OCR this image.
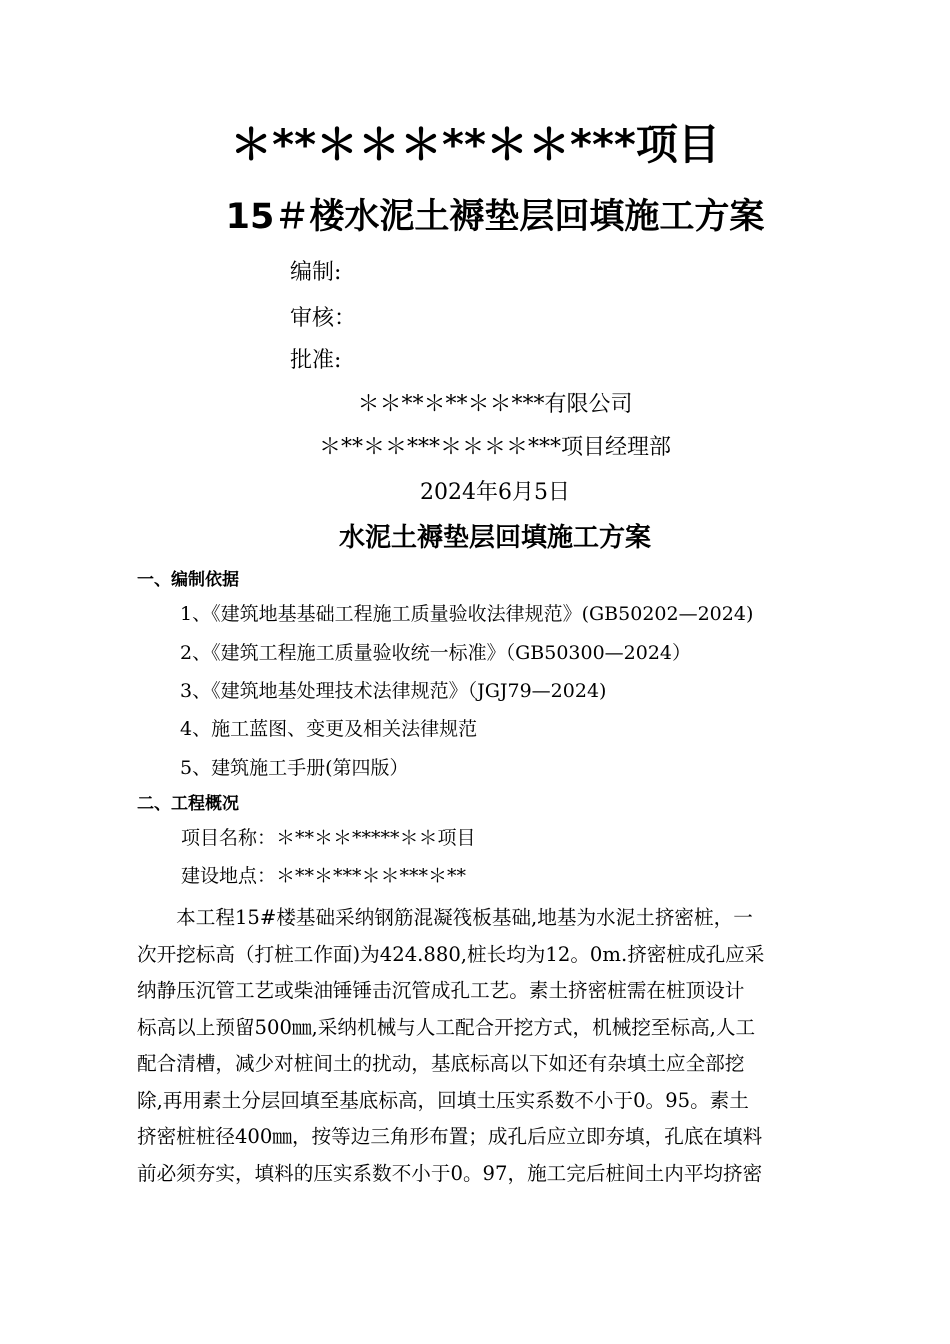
＊**＊＊＊**＊＊***项目
15＃楼水泥土褥垫层回填施工方案
编制:
审核：
批准:
＊＊**＊**＊＊***有限公司
＊**＊＊***＊＊＊＊***项目经理部
2024年6月5日
水泥土褥垫层回填施工方案
一、编制依据
1、《建筑地基基础工程施工质量验收法律规范》(GB50202—2024)
2、《建筑工程施工质量验收统一标准》（GB50300—2024）
3、《建筑地基处理技术法律规范》（JGJ79—2024)
4、施工蓝图、变更及相关法律规范
5、建筑施工手册(第四版）
二、工程概况
项目名称：＊**＊＊*****＊＊项目
建设地点：＊**＊***＊＊***＊**
　　本工程15#楼基础采纳钢筋混凝筏板基础,地基为水泥土挤密桩，一
次开挖标高（打桩工作面)为424.880,桩长均为12。0m.挤密桩成孔应采
纳静压沉管工艺或柴油锤锤击沉管成孔工艺。素土挤密桩需在桩顶设计
标高以上预留500㎜,采纳机械与人工配合开挖方式，机械挖至标高,人工
配合清槽，减少对桩间土的扰动，基底标高以下如还有杂填土应全部挖
除,再用素土分层回填至基底标高，回填土压实系数不小于0。95。素土
挤密桩桩径400㎜，按等边三角形布置；成孔后应立即夯填，孔底在填料
前必须夯实，填料的压实系数不小于0。97，施工完后桩间土内平均挤密
